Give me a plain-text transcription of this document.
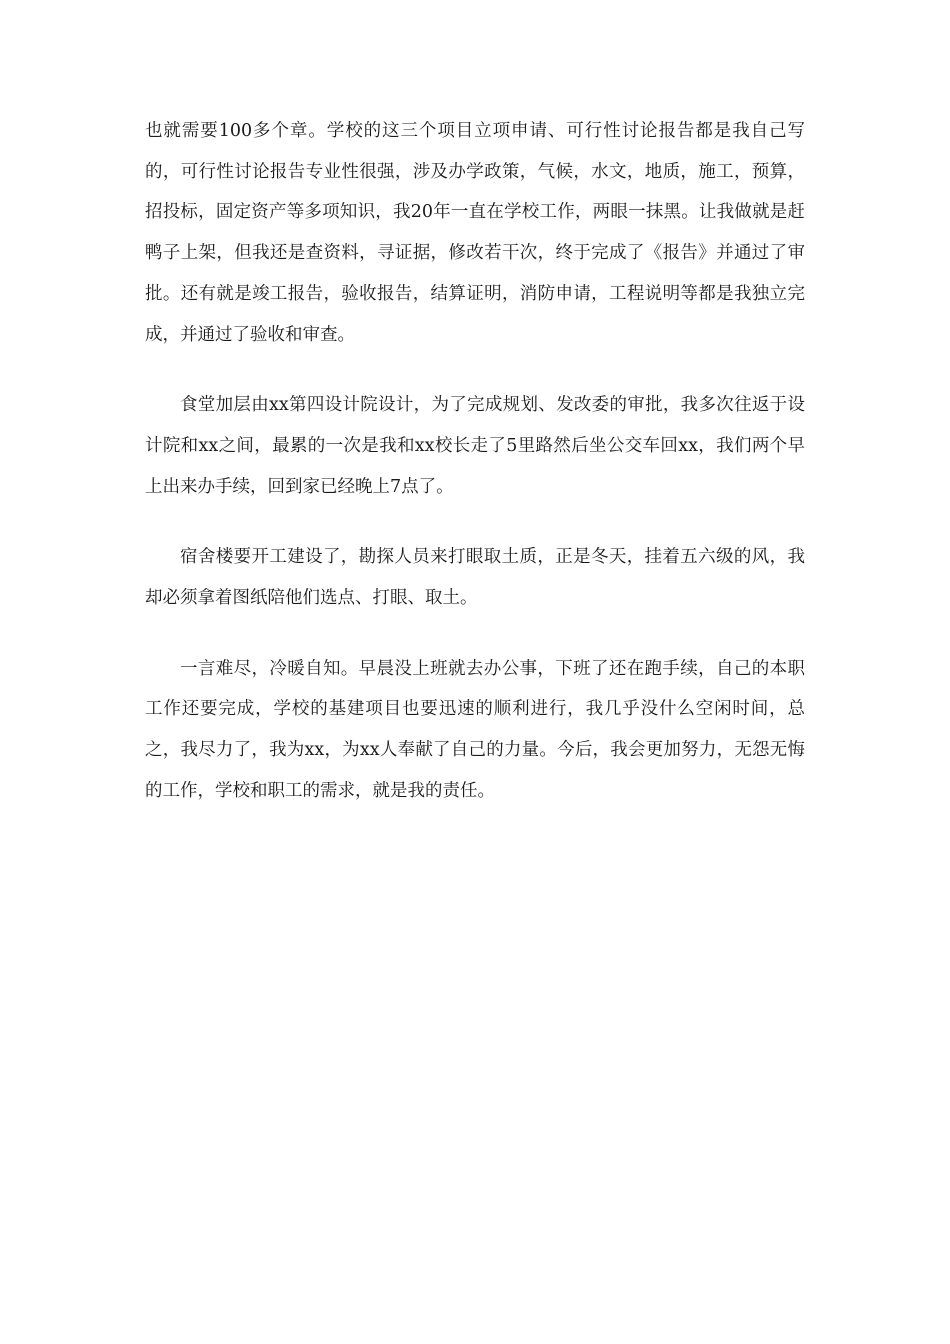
也就需要100多个章。学校的这三个项目立项申请、可行性讨论报告都是我自己写的，可行性讨论报告专业性很强，涉及办学政策，气候，水文，地质，施工，预算，招投标，固定资产等多项知识，我20年一直在学校工作，两眼一抹黑。让我做就是赶鸭子上架，但我还是查资料，寻证据，修改若干次，终于完成了《报告》并通过了审批。还有就是竣工报告，验收报告，结算证明，消防申请，工程说明等都是我独立完成，并通过了验收和审查。

食堂加层由xx第四设计院设计，为了完成规划、发改委的审批，我多次往返于设计院和xx之间，最累的一次是我和xx校长走了5里路然后坐公交车回xx，我们两个早上出来办手续，回到家已经晚上7点了。

宿舍楼要开工建设了，勘探人员来打眼取土质，正是冬天，挂着五六级的风，我却必须拿着图纸陪他们选点、打眼、取土。

一言难尽，冷暖自知。早晨没上班就去办公事，下班了还在跑手续，自己的本职工作还要完成，学校的基建项目也要迅速的顺利进行，我几乎没什么空闲时间，总之，我尽力了，我为xx，为xx人奉献了自己的力量。今后，我会更加努力，无怨无悔的工作，学校和职工的需求，就是我的责任。
